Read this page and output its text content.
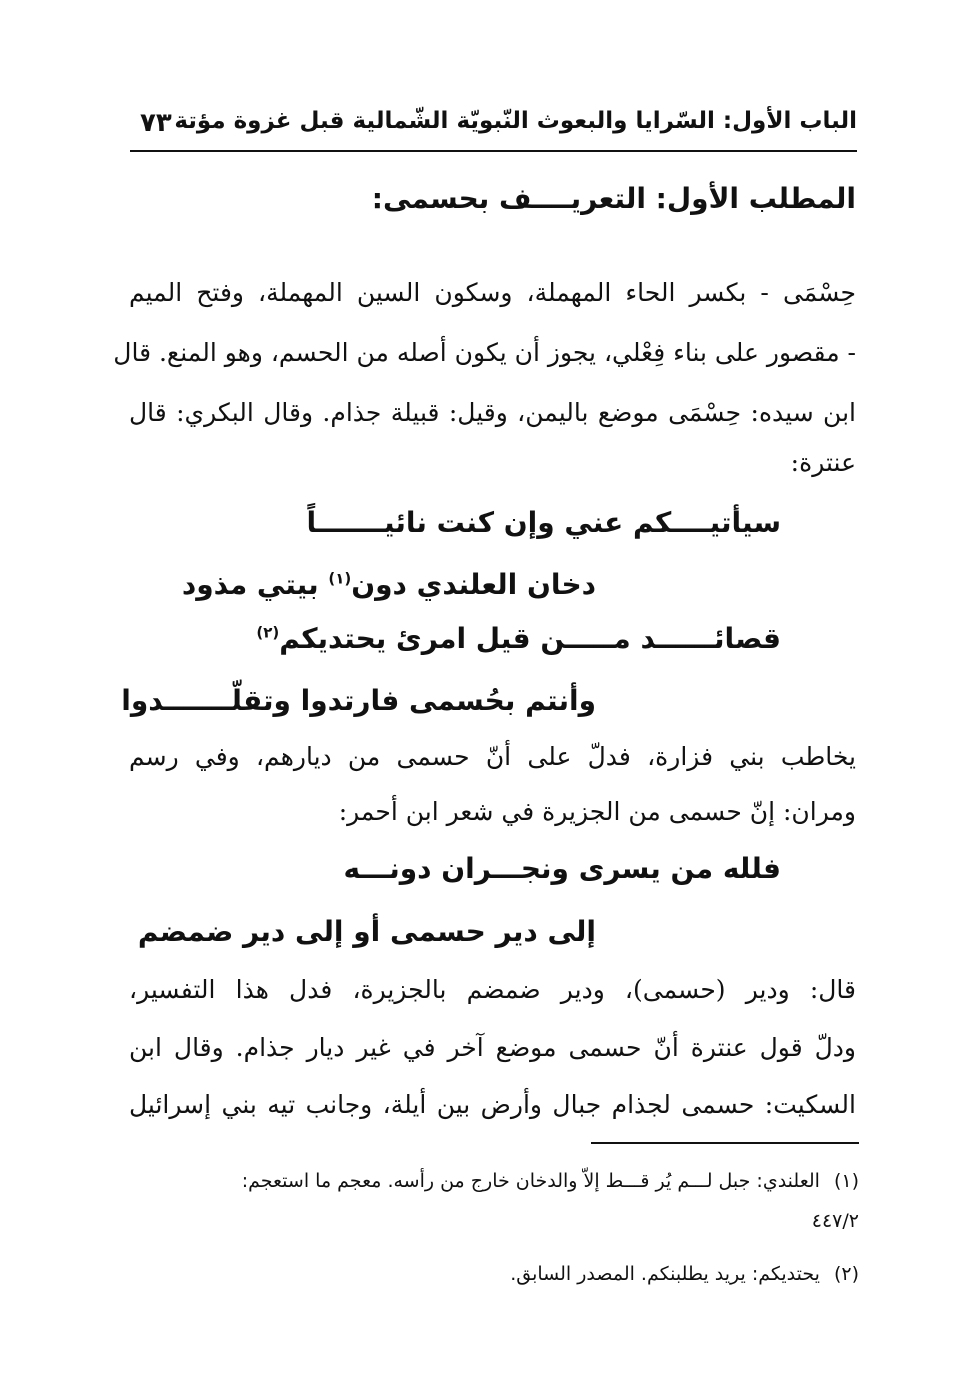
الباب الأول: السّرايا والبعوث النّبويّة الشّمالية قبل غزوة مؤتة
٧٣
المطلب الأول: التعريــــف بحسمى:
حِسْمَى - بكسر الحاء المهملة، وسكون السين المهملة، وفتح الميم
- مقصور على بناء فِعْلي، يجوز أن يكون أصله من الحسم، وهو المنع. قال
ابن سيده: حِسْمَى موضع باليمن، وقيل: قبيلة جذام. وقال البكري: قال
عنترة:
سيأتيــــكم عني وإن كنت نائيـــــــاً
دخان العلندي دون$^{(١)}$ بيتي مذود
قصائــــــد مـــــن قيل امرئ يحتديكم$^{(٢)}$
وأنتم بحُسمى فارتدوا وتقلّـــــــدوا
يخاطب بني فزارة، فدلّ على أنّ حسمى من ديارهم، وفي رسم
ومران: إنّ حسمى من الجزيرة في شعر ابن أحمر:
فلله من يسرى ونجـــران دونـــه
إلى دير حسمى أو إلى دير ضمضم
قال: ودير (حسمى)، ودير ضمضم بالجزيرة، فدل هذا التفسير،
ودلّ قول عنترة أنّ حسمى موضع آخر في غير ديار جذام. وقال ابن
السكيت: حسمى لجذام جبال وأرض بين أيلة، وجانب تيه بني إسرائيل
(١)العلندي: جبل لـــم يُر قـــط إلاّ والدخان خارج من رأسه. معجم ما استعجم:
٤٤٧/٢
(٢)يحتديكم: يريد يطلبنكم. المصدر السابق.
